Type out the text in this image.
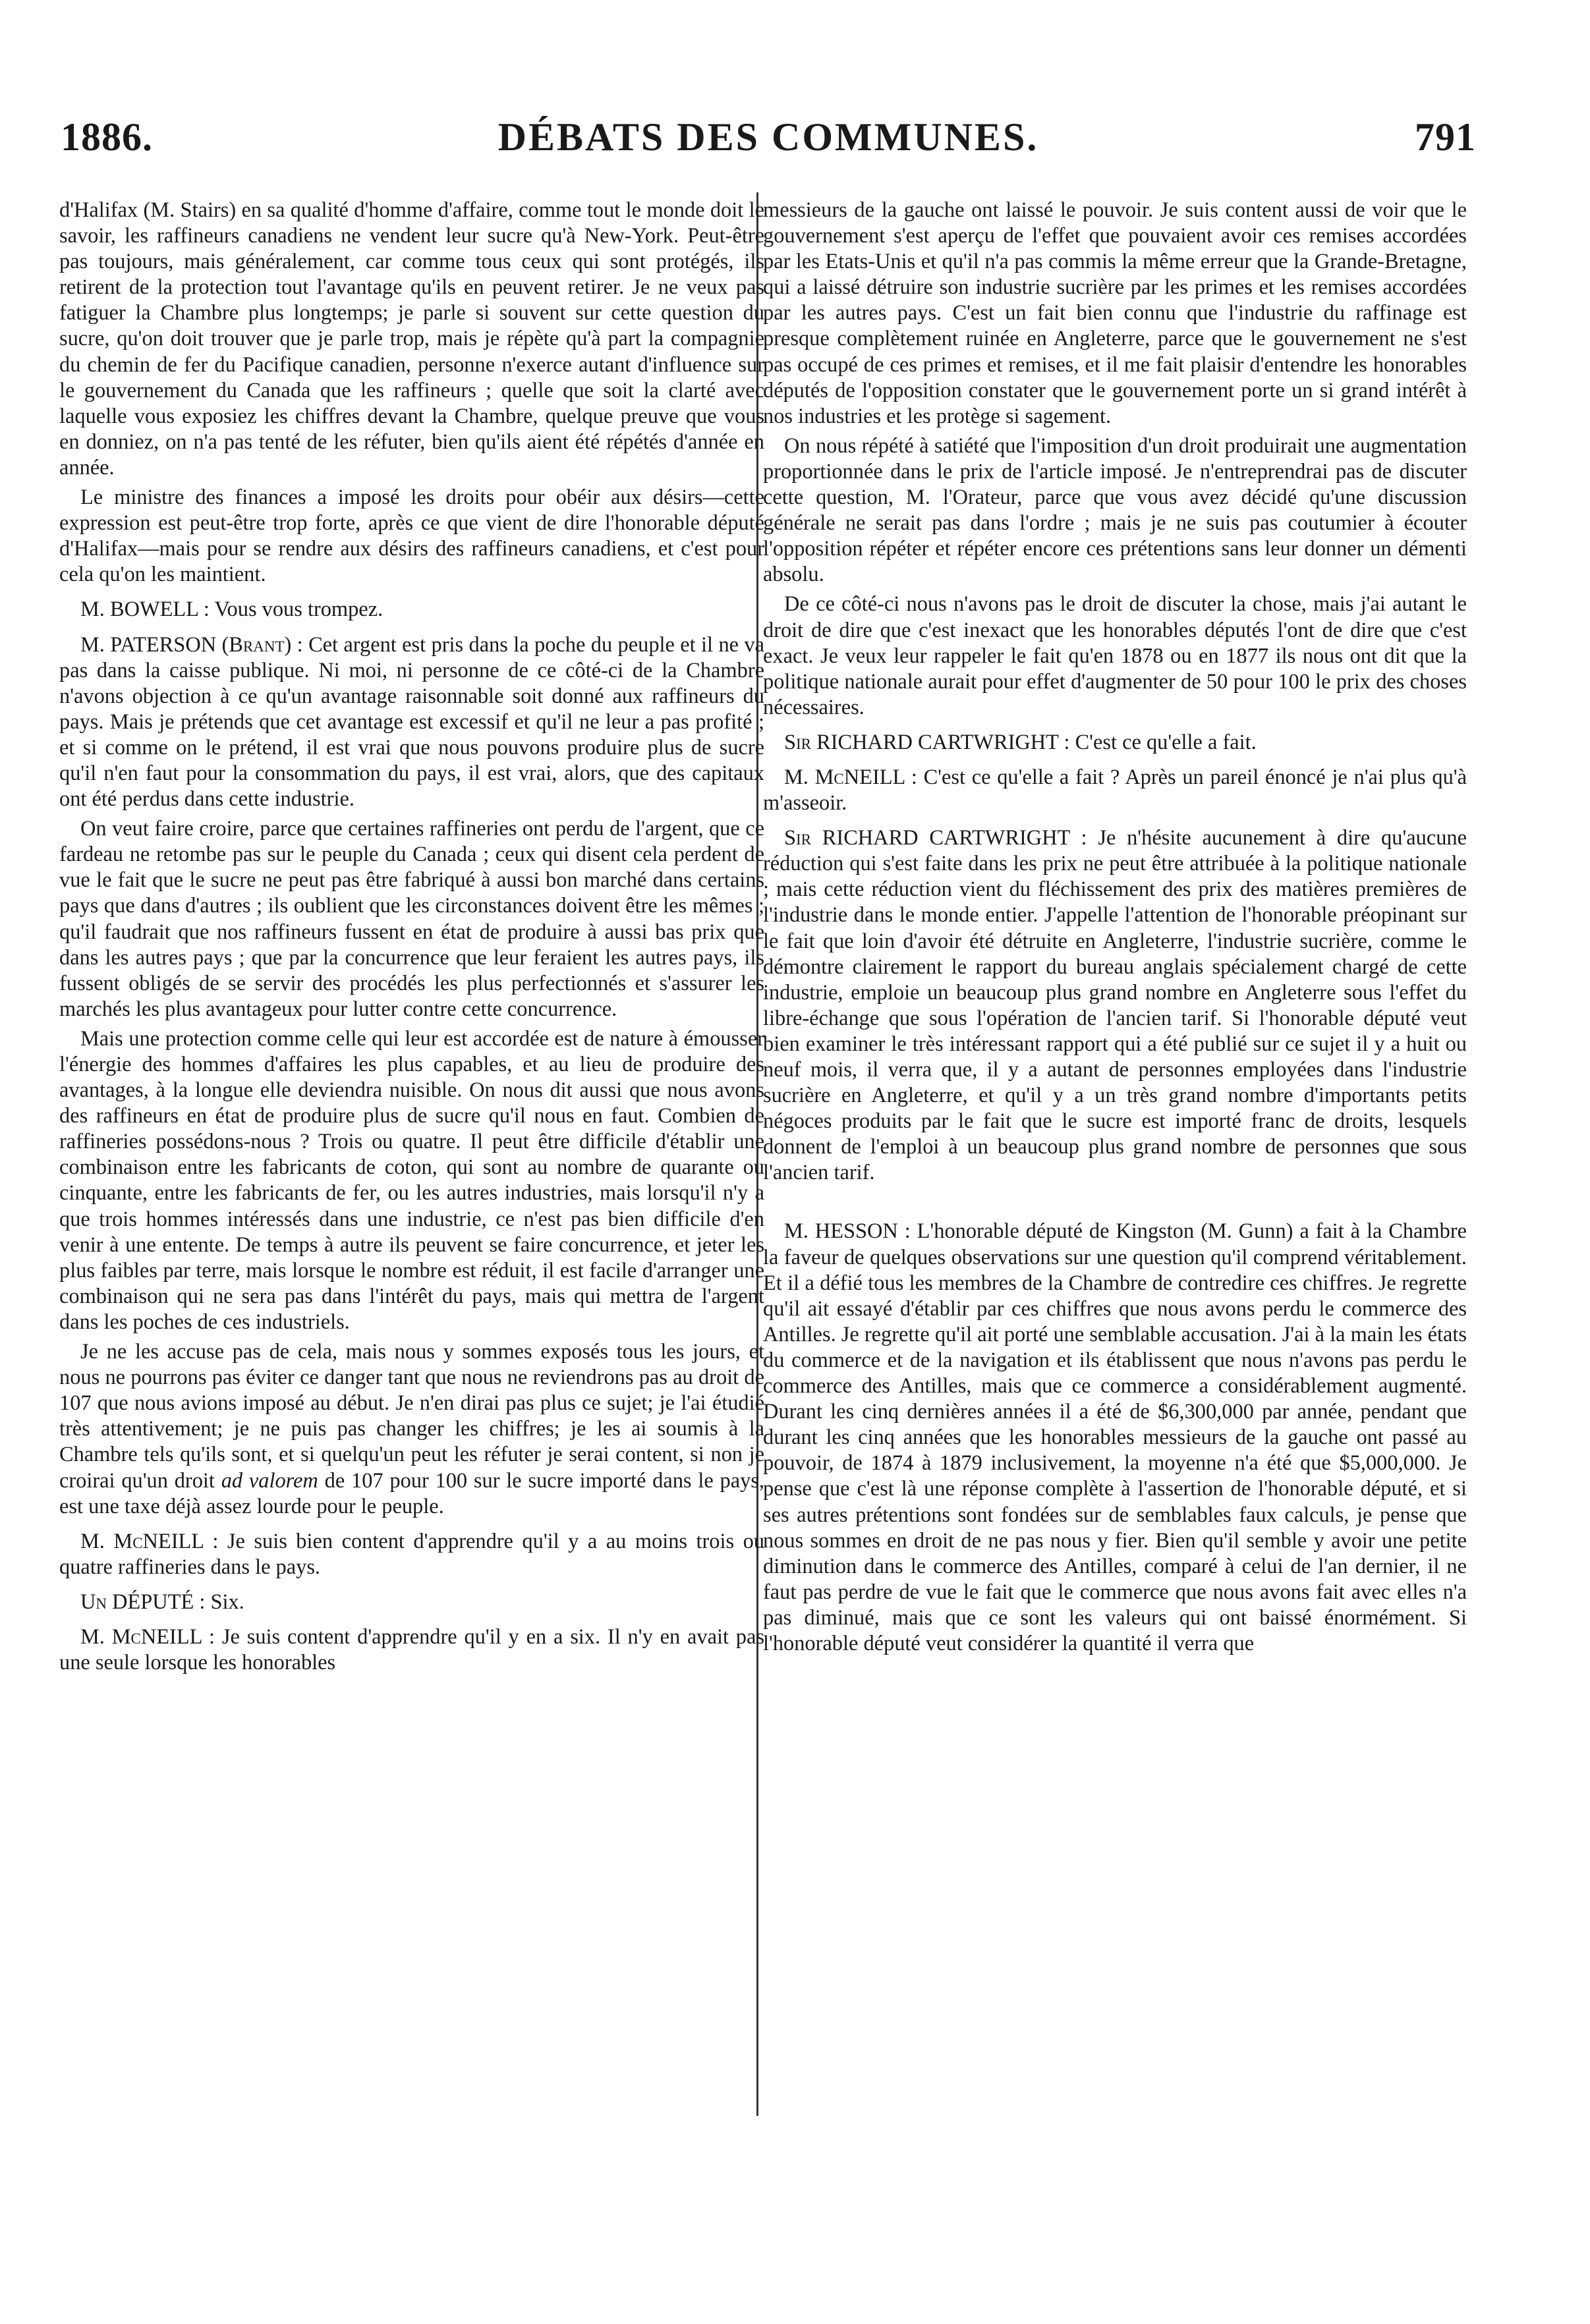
DÉBATS DES COMMUNES.
1886.	791

d'Halifax (M. Stairs) en sa qualité d'homme d'affaire, comme tout le monde doit le savoir, les raffineurs canadiens ne vendent leur sucre qu'à New-York. Peut-être pas toujours, mais généralement, car comme tous ceux qui sont protégés, ils retirent de la protection tout l'avantage qu'ils en peuvent retirer. Je ne veux pas fatiguer la Chambre plus longtemps; je parle si souvent sur cette question du sucre, qu'on doit trouver que je parle trop, mais je répète qu'à part la compagnie du chemin de fer du Pacifique canadien, personne n'exerce autant d'influence sur le gouvernement du Canada que les raffineurs ; quelle que soit la clarté avec laquelle vous exposiez les chiffres devant la Chambre, quelque preuve que vous en donniez, on n'a pas tenté de les réfuter, bien qu'ils aient été répétés d'année en année.

Le ministre des finances a imposé les droits pour obéir aux désirs—cette expression est peut-être trop forte, après ce que vient de dire l'honorable député d'Halifax—mais pour se rendre aux désirs des raffineurs canadiens, et c'est pour cela qu'on les maintient.

M. BOWELL : Vous vous trompez.

M. PATERSON (Brant) : Cet argent est pris dans la poche du peuple et il ne va pas dans la caisse publique. Ni moi, ni personne de ce côté-ci de la Chambre n'avons objection à ce qu'un avantage raisonnable soit donné aux raffineurs du pays. Mais je prétends que cet avantage est excessif et qu'il ne leur a pas profité ; et si comme on le prétend, il est vrai que nous pouvons produire plus de sucre qu'il n'en faut pour la consommation du pays, il est vrai, alors, que des capitaux ont été perdus dans cette industrie.

On veut faire croire, parce que certaines raffineries ont perdu de l'argent, que ce fardeau ne retombe pas sur le peuple du Canada ; ceux qui disent cela perdent de vue le fait que le sucre ne peut pas être fabriqué à aussi bon marché dans certains pays que dans d'autres ; ils oublient que les circonstances doivent être les mêmes ; qu'il faudrait que nos raffineurs fussent en état de produire à aussi bas prix que dans les autres pays ; que par la concurrence que leur feraient les autres pays, ils fussent obligés de se servir des procédés les plus perfectionnés et s'assurer les marchés les plus avantageux pour lutter contre cette concurrence.

Mais une protection comme celle qui leur est accordée est de nature à émousser l'énergie des hommes d'affaires les plus capables, et au lieu de produire des avantages, à la longue elle deviendra nuisible. On nous dit aussi que nous avons des raffineurs en état de produire plus de sucre qu'il nous en faut. Combien de raffineries possédons-nous ? Trois ou quatre. Il peut être difficile d'établir une combinaison entre les fabricants de coton, qui sont au nombre de quarante ou cinquante, entre les fabricants de fer, ou les autres industries, mais lorsqu'il n'y a que trois hommes intéressés dans une industrie, ce n'est pas bien difficile d'en venir à une entente. De temps à autre ils peuvent se faire concurrence, et jeter les plus faibles par terre, mais lorsque le nombre est réduit, il est facile d'arranger une combinaison qui ne sera pas dans l'intérêt du pays, mais qui mettra de l'argent dans les poches de ces industriels.

Je ne les accuse pas de cela, mais nous y sommes exposés tous les jours, et nous ne pourrons pas éviter ce danger tant que nous ne reviendrons pas au droit de 107 que nous avions imposé au début. Je n'en dirai pas plus ce sujet; je l'ai étudié très attentivement; je ne puis pas changer les chiffres; je les ai soumis à la Chambre tels qu'ils sont, et si quelqu'un peut les réfuter je serai content, si non je croirai qu'un droit ad valorem de 107 pour 100 sur le sucre importé dans le pays, est une taxe déjà assez lourde pour le peuple.

M. McNEILL : Je suis bien content d'apprendre qu'il y a au moins trois ou quatre raffineries dans le pays.

Un DÉPUTÉ : Six.

M. McNEILL : Je suis content d'apprendre qu'il y en a six. Il n'y en avait pas une seule lorsque les honorables

messieurs de la gauche ont laissé le pouvoir. Je suis content aussi de voir que le gouvernement s'est aperçu de l'effet que pouvaient avoir ces remises accordées par les Etats-Unis et qu'il n'a pas commis la même erreur que la Grande-Bretagne, qui a laissé détruire son industrie sucrière par les primes et les remises accordées par les autres pays. C'est un fait bien connu que l'industrie du raffinage est presque complètement ruinée en Angleterre, parce que le gouvernement ne s'est pas occupé de ces primes et remises, et il me fait plaisir d'entendre les honorables députés de l'opposition constater que le gouvernement porte un si grand intérêt à nos industries et les protège si sagement.

On nous répété à satiété que l'imposition d'un droit produirait une augmentation proportionnée dans le prix de l'article imposé. Je n'entreprendrai pas de discuter cette question, M. l'Orateur, parce que vous avez décidé qu'une discussion générale ne serait pas dans l'ordre ; mais je ne suis pas coutumier à écouter l'opposition répéter et répéter encore ces prétentions sans leur donner un démenti absolu.

De ce côté-ci nous n'avons pas le droit de discuter la chose, mais j'ai autant le droit de dire que c'est inexact que les honorables députés l'ont de dire que c'est exact. Je veux leur rappeler le fait qu'en 1878 ou en 1877 ils nous ont dit que la politique nationale aurait pour effet d'augmenter de 50 pour 100 le prix des choses nécessaires.

Sir RICHARD CARTWRIGHT : C'est ce qu'elle a fait.

M. McNEILL : C'est ce qu'elle a fait ? Après un pareil énoncé je n'ai plus qu'à m'asseoir.

Sir RICHARD CARTWRIGHT : Je n'hésite aucunement à dire qu'aucune réduction qui s'est faite dans les prix ne peut être attribuée à la politique nationale ; mais cette réduction vient du fléchissement des prix des matières premières de l'industrie dans le monde entier. J'appelle l'attention de l'honorable préopinant sur le fait que loin d'avoir été détruite en Angleterre, l'industrie sucrière, comme le démontre clairement le rapport du bureau anglais spécialement chargé de cette industrie, emploie un beaucoup plus grand nombre en Angleterre sous l'effet du libre-échange que sous l'opération de l'ancien tarif. Si l'honorable député veut bien examiner le très intéressant rapport qui a été publié sur ce sujet il y a huit ou neuf mois, il verra que, il y a autant de personnes employées dans l'industrie sucrière en Angleterre, et qu'il y a un très grand nombre d'importants petits négoces produits par le fait que le sucre est importé franc de droits, lesquels donnent de l'emploi à un beaucoup plus grand nombre de personnes que sous l'ancien tarif.

M. HESSON : L'honorable député de Kingston (M. Gunn) a fait à la Chambre la faveur de quelques observations sur une question qu'il comprend véritablement. Et il a défié tous les membres de la Chambre de contredire ces chiffres. Je regrette qu'il ait essayé d'établir par ces chiffres que nous avons perdu le commerce des Antilles. Je regrette qu'il ait porté une semblable accusation. J'ai à la main les états du commerce et de la navigation et ils établissent que nous n'avons pas perdu le commerce des Antilles, mais que ce commerce a considérablement augmenté. Durant les cinq dernières années il a été de $6,300,000 par année, pendant que durant les cinq années que les honorables messieurs de la gauche ont passé au pouvoir, de 1874 à 1879 inclusivement, la moyenne n'a été que $5,000,000. Je pense que c'est là une réponse complète à l'assertion de l'honorable député, et si ses autres prétentions sont fondées sur de semblables faux calculs, je pense que nous sommes en droit de ne pas nous y fier. Bien qu'il semble y avoir une petite diminution dans le commerce des Antilles, comparé à celui de l'an dernier, il ne faut pas perdre de vue le fait que le commerce que nous avons fait avec elles n'a pas diminué, mais que ce sont les valeurs qui ont baissé énormément. Si l'honorable député veut considérer la quantité il verra que
